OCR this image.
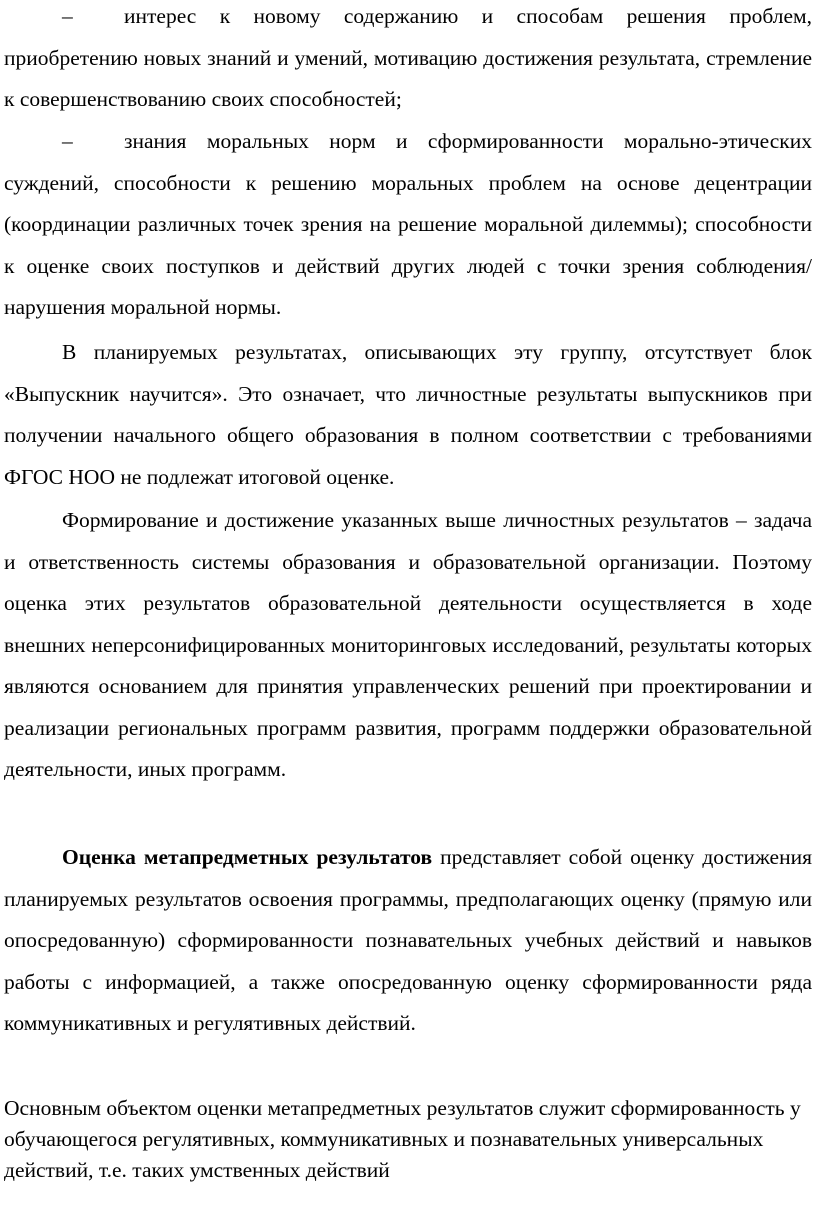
– интерес к новому содержанию и способам решения проблем, приобретению новых знаний и умений, мотивацию достижения результата, стремление к совершенствованию своих способностей;

– знания моральных норм и сформированности морально-этических суждений, способности к решению моральных проблем на основе децентрации (координации различных точек зрения на решение моральной дилеммы); способности к оценке своих поступков и действий других людей с точки зрения соблюдения/нарушения моральной нормы.

В планируемых результатах, описывающих эту группу, отсутствует блок «Выпускник научится». Это означает, что личностные результаты выпускников при получении начального общего образования в полном соответствии с требованиями ФГОС НОО не подлежат итоговой оценке.

Формирование и достижение указанных выше личностных результатов – задача и ответственность системы образования и образовательной организации. Поэтому оценка этих результатов образовательной деятельности осуществляется в ходе внешних неперсонифицированных мониторинговых исследований, результаты которых являются основанием для принятия управленческих решений при проектировании и реализации региональных программ развития, программ поддержки образовательной деятельности, иных программ.

Оценка метапредметных результатов представляет собой оценку достижения планируемых результатов освоения программы, предполагающих оценку (прямую или опосредованную) сформированности познавательных учебных действий и навыков работы с информацией, а также опосредованную оценку сформированности ряда коммуникативных и регулятивных действий.

Основным объектом оценки метапредметных результатов служит сформированность у обучающегося регулятивных, коммуникативных и познавательных универсальных действий, т.е. таких умственных действий
